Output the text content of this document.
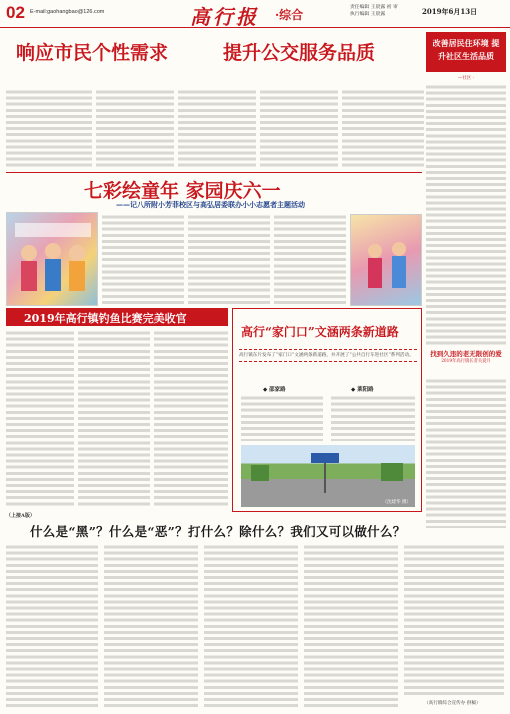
02 E-mail:gaohangbao@126.com	高行报 ·综合
责任编辑 王晨露 初 审
执行编辑 王晨露	2019年6月13日
响应市民个性需求	提升公交服务品质
七彩绘童年 家园庆六一
——记八所附小芳菲校区与高弘居委联办小小志愿者主题活动
2019年高行镇钓鱼比赛完美收官
高行“家门口”文涵两条新道路
高行镇东片发布了“家门口”文涵两条新道路，并开展了“公共自行车进社区”系列活动。
◆ 邵家路	◆ 莱阳路
（沈建华 摄）
改善居民住环境 提升社区生活品质
—社区 ·
找到久违的老无限创的爱
2019年高行镇长者关爱月
（上接A版）
什么是“黑”？什么是“恶”？打什么？除什么？我们又可以做什么？
（高行镇综合宣传办 供稿）
